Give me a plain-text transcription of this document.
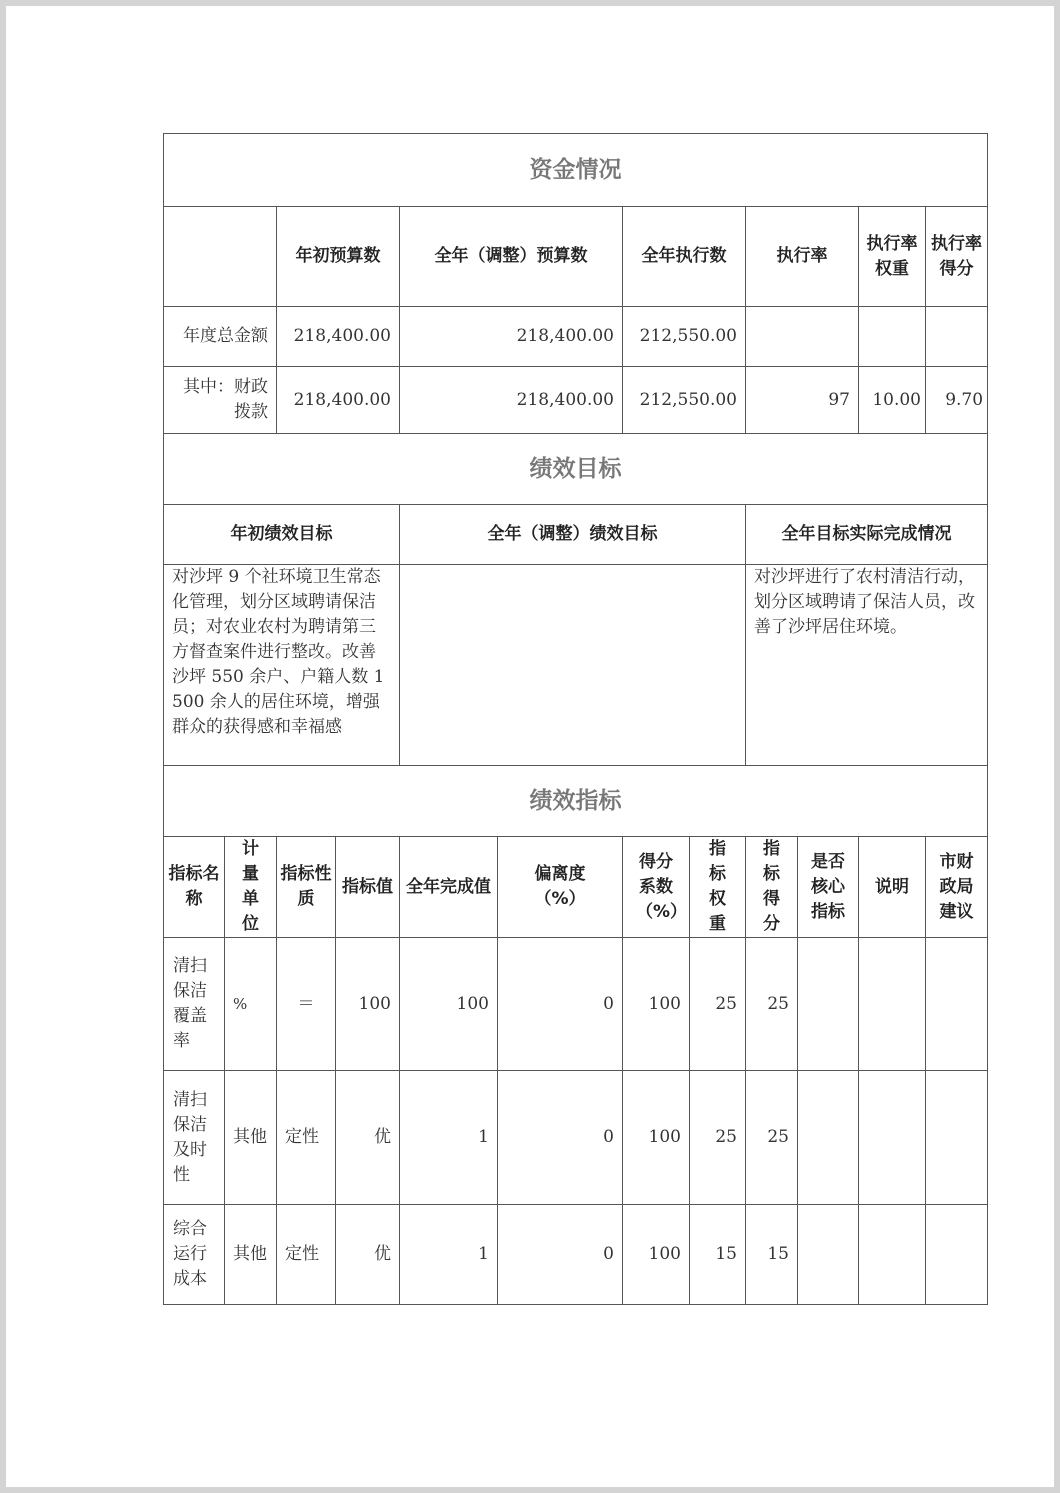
资金情况											
		年初预算数		全年（调整）预算数		全年执行数		执行率		执行率权重	执行率得分
年度总金额		218,400.00		218,400.00		212,550.00					
其中：财政拨款		218,400.00		218,400.00		212,550.00		97		10.00	9.70
绩效目标											
年初绩效目标				全年（调整）绩效目标				全年目标实际完成情况			
对沙坪 9 个社环境卫生常态化管理，划分区域聘请保洁员；对农业农村为聘请第三方督查案件进行整改。改善沙坪 550 余户、户籍人数 1500 余人的居住环境，增强群众的获得感和幸福感								对沙坪进行了农村清洁行动，划分区域聘请了保洁人员，改善了沙坪居住环境。			
绩效指标											
指标名称	计量单位	指标性质	指标值	全年完成值	偏离度（%）	得分系数（%）	指标权重	指标得分	是否核心指标	说明	市财政局建议
清扫保洁覆盖率	%	＝	100	100	0	100	25	25			
清扫保洁及时性	其他	定性	优	1	0	100	25	25			
综合运行成本	其他	定性	优	1	0	100	15	15			
